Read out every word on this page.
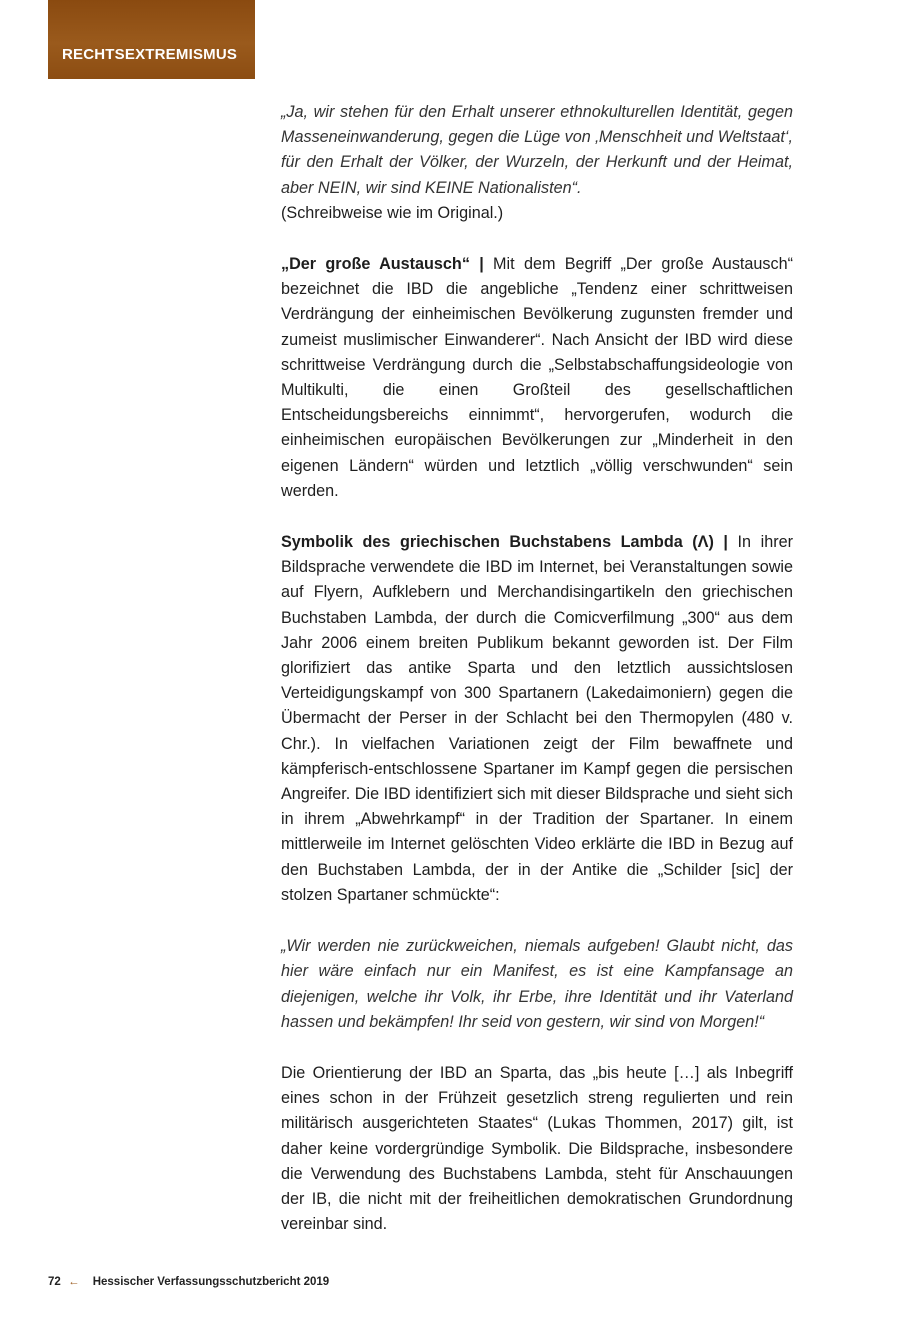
RECHTSEXTREMISMUS

„Ja, wir stehen für den Erhalt unserer ethnokulturellen Identität, gegen Masseneinwanderung, gegen die Lüge von ‚Menschheit und Weltstaat‘, für den Erhalt der Völker, der Wurzeln, der Herkunft und der Heimat, aber NEIN, wir sind KEINE Nationalisten“.

(Schreibweise wie im Original.)

„Der große Austausch“ | Mit dem Begriff „Der große Austausch“ bezeichnet die IBD die angebliche „Tendenz einer schrittweisen Verdrängung der einheimischen Bevölkerung zugunsten fremder und zumeist muslimischer Einwanderer“. Nach Ansicht der IBD wird diese schrittweise Verdrängung durch die „Selbstabschaffungsideologie von Multikulti, die einen Großteil des gesellschaftlichen Entscheidungsbereichs einnimmt“, hervorgerufen, wodurch die einheimischen europäischen Bevölkerungen zur „Minderheit in den eigenen Ländern“ würden und letztlich „völlig verschwunden“ sein werden.

Symbolik des griechischen Buchstabens Lambda (Λ) | In ihrer Bildsprache verwendete die IBD im Internet, bei Veranstaltungen sowie auf Flyern, Aufklebern und Merchandisingartikeln den griechischen Buchstaben Lambda, der durch die Comicverfilmung „300“ aus dem Jahr 2006 einem breiten Publikum bekannt geworden ist. Der Film glorifiziert das antike Sparta und den letztlich aussichtslosen Verteidigungskampf von 300 Spartanern (Lakedaimoniern) gegen die Übermacht der Perser in der Schlacht bei den Thermopylen (480 v. Chr.). In vielfachen Variationen zeigt der Film bewaffnete und kämpferisch-entschlossene Spartaner im Kampf gegen die persischen Angreifer. Die IBD identifiziert sich mit dieser Bildsprache und sieht sich in ihrem „Abwehrkampf“ in der Tradition der Spartaner. In einem mittlerweile im Internet gelöschten Video erklärte die IBD in Bezug auf den Buchstaben Lambda, der in der Antike die „Schilder [sic] der stolzen Spartaner schmückte“:

„Wir werden nie zurückweichen, niemals aufgeben! Glaubt nicht, das hier wäre einfach nur ein Manifest, es ist eine Kampfansage an diejenigen, welche ihr Volk, ihr Erbe, ihre Identität und ihr Vaterland hassen und bekämpfen! Ihr seid von gestern, wir sind von Morgen!“

Die Orientierung der IBD an Sparta, das „bis heute […] als Inbegriff eines schon in der Frühzeit gesetzlich streng regulierten und rein militärisch ausgerichteten Staates“ (Lukas Thommen, 2017) gilt, ist daher keine vordergründige Symbolik. Die Bildsprache, insbesondere die Verwendung des Buchstabens Lambda, steht für Anschauungen der IB, die nicht mit der freiheitlichen demokratischen Grundordnung vereinbar sind.

72 ← Hessischer Verfassungsschutzbericht 2019
